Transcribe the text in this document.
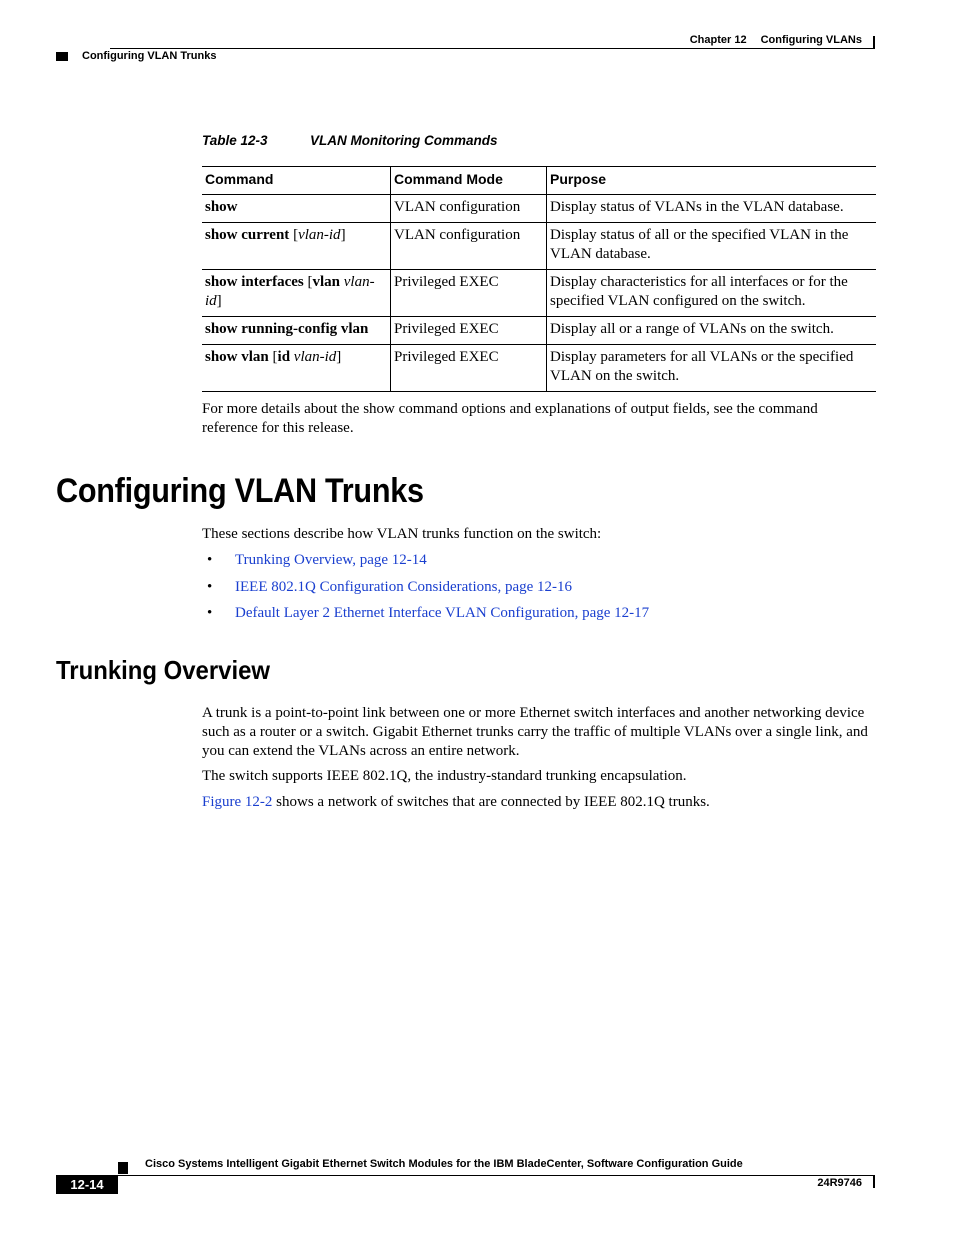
Chapter 12 Configuring VLANs
Configuring VLAN Trunks
Table 12-3	VLAN Monitoring Commands
Command	Command Mode	Purpose
show	VLAN configuration	Display status of VLANs in the VLAN database.
show current [vlan-id]	VLAN configuration	Display status of all or the specified VLAN in the VLAN database.
show interfaces [vlan vlan-id]	Privileged EXEC	Display characteristics for all interfaces or for the specified VLAN configured on the switch.
show running-config vlan	Privileged EXEC	Display all or a range of VLANs on the switch.
show vlan [id vlan-id]	Privileged EXEC	Display parameters for all VLANs or the specified VLAN on the switch.
For more details about the show command options and explanations of output fields, see the command reference for this release.
Configuring VLAN Trunks
These sections describe how VLAN trunks function on the switch:
• Trunking Overview, page 12-14
• IEEE 802.1Q Configuration Considerations, page 12-16
• Default Layer 2 Ethernet Interface VLAN Configuration, page 12-17
Trunking Overview
A trunk is a point-to-point link between one or more Ethernet switch interfaces and another networking device such as a router or a switch. Gigabit Ethernet trunks carry the traffic of multiple VLANs over a single link, and you can extend the VLANs across an entire network.
The switch supports IEEE 802.1Q, the industry-standard trunking encapsulation.
Figure 12-2 shows a network of switches that are connected by IEEE 802.1Q trunks.
Cisco Systems Intelligent Gigabit Ethernet Switch Modules for the IBM BladeCenter, Software Configuration Guide
12-14	24R9746
